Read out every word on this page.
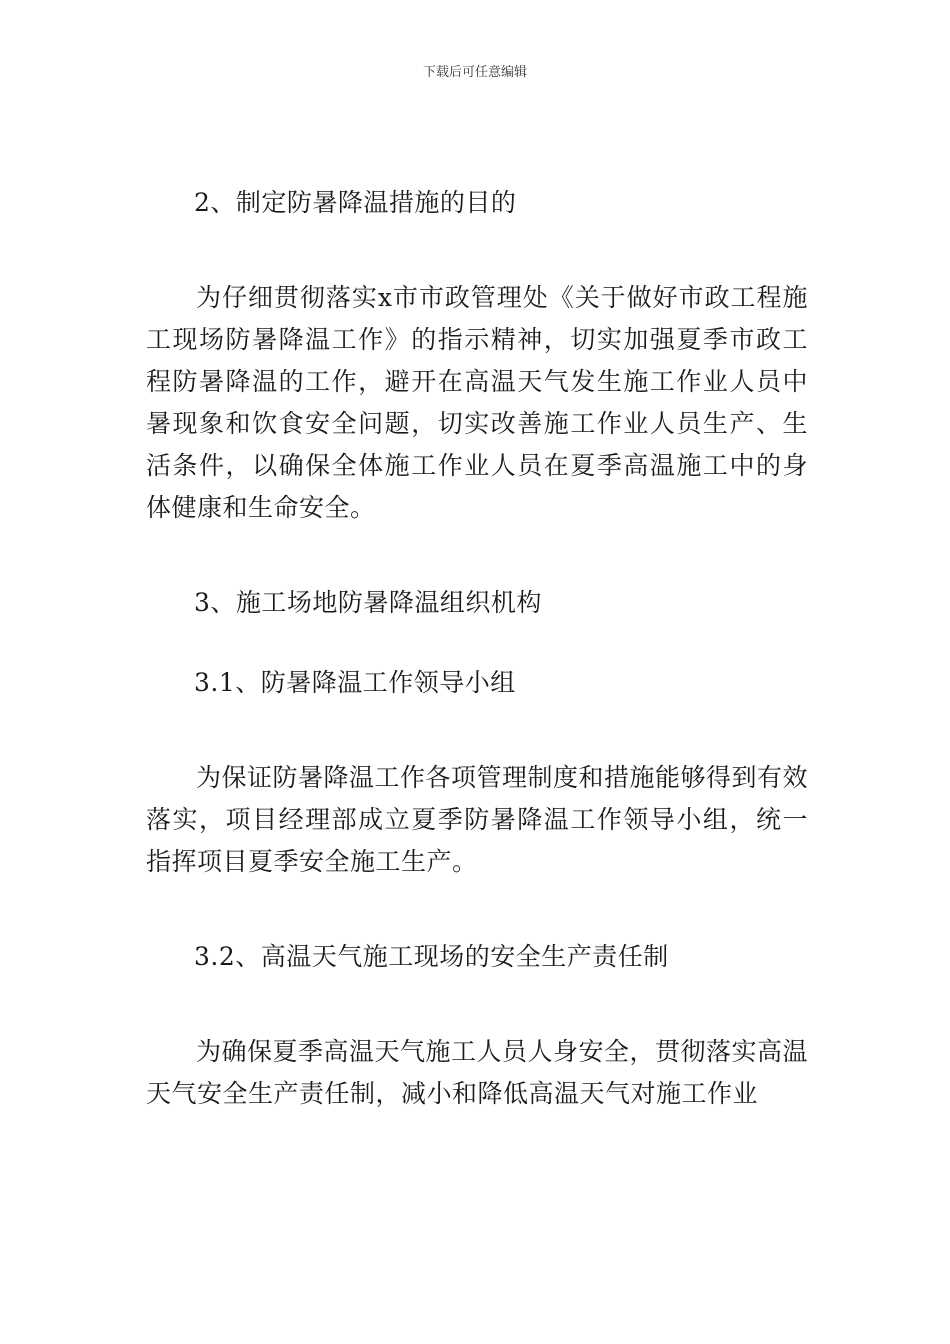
下载后可任意编辑

2、制定防暑降温措施的目的

为仔细贯彻落实x市市政管理处《关于做好市政工程施工现场防暑降温工作》的指示精神，切实加强夏季市政工程防暑降温的工作，避开在高温天气发生施工作业人员中暑现象和饮食安全问题，切实改善施工作业人员生产、生活条件，以确保全体施工作业人员在夏季高温施工中的身体健康和生命安全。

3、施工场地防暑降温组织机构

3.1、防暑降温工作领导小组

为保证防暑降温工作各项管理制度和措施能够得到有效落实，项目经理部成立夏季防暑降温工作领导小组，统一指挥项目夏季安全施工生产。

3.2、高温天气施工现场的安全生产责任制

为确保夏季高温天气施工人员人身安全，贯彻落实高温天气安全生产责任制，减小和降低高温天气对施工作业
